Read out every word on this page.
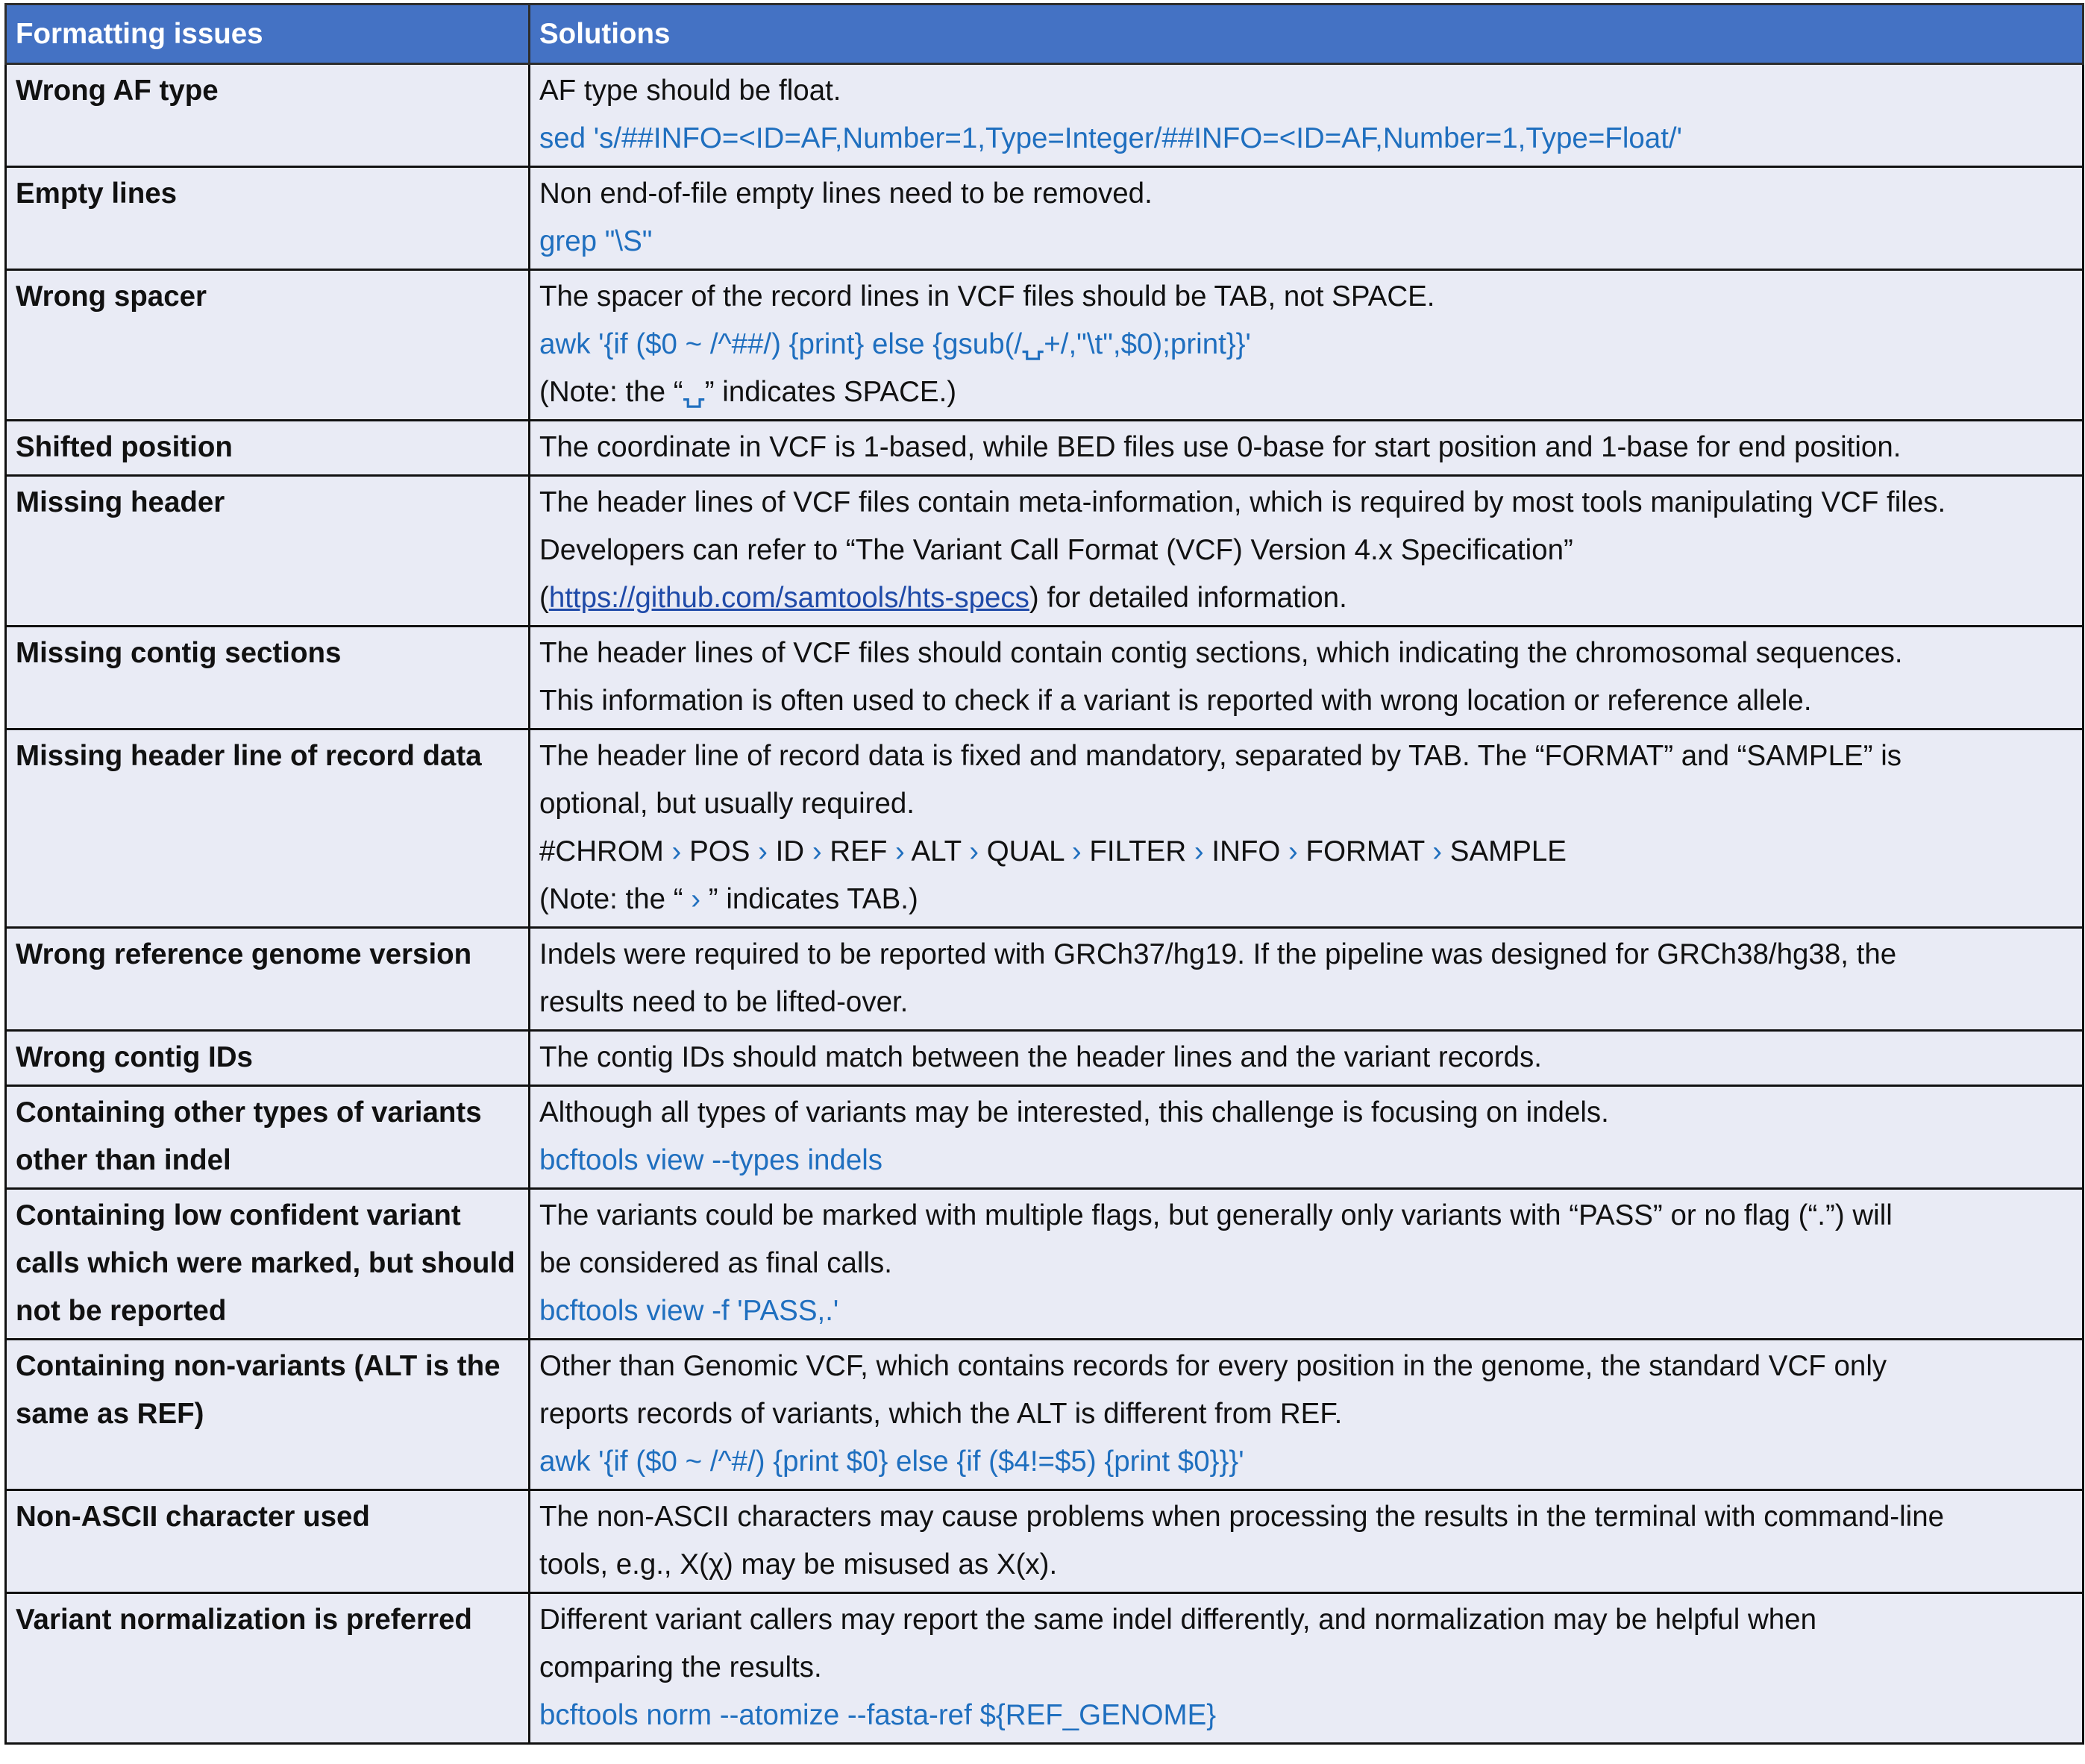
Formatting issues	Solutions
Wrong AF type	AF type should be float.
sed 's/##INFO=<ID=AF,Number=1,Type=Integer/##INFO=<ID=AF,Number=1,Type=Float/'

Empty lines	Non end-of-file empty lines need to be removed.
grep "\S"

Wrong spacer	The spacer of the record lines in VCF files should be TAB, not SPACE.
awk '{if ($0 ~ /^##/) {print} else {gsub(/⍽+/,"\t",$0);print}}'
(Note: the “⍽” indicates SPACE.)

Shifted position	The coordinate in VCF is 1-based, while BED files use 0-base for start position and 1-base for end position.

Missing header	The header lines of VCF files contain meta-information, which is required by most tools manipulating VCF files.
Developers can refer to “The Variant Call Format (VCF) Version 4.x Specification”
(https://github.com/samtools/hts-specs) for detailed information.

Missing contig sections	The header lines of VCF files should contain contig sections, which indicating the chromosomal sequences.
This information is often used to check if a variant is reported with wrong location or reference allele.

Missing header line of record data	The header line of record data is fixed and mandatory, separated by TAB. The “FORMAT” and “SAMPLE” is
optional, but usually required.
#CHROM › POS › ID › REF › ALT › QUAL › FILTER › INFO › FORMAT › SAMPLE
(Note: the “ › ” indicates TAB.)

Wrong reference genome version	Indels were required to be reported with GRCh37/hg19. If the pipeline was designed for GRCh38/hg38, the
results need to be lifted-over.

Wrong contig IDs	The contig IDs should match between the header lines and the variant records.

Containing other types of variants other than indel	Although all types of variants may be interested, this challenge is focusing on indels.
bcftools view --types indels

Containing low confident variant calls which were marked, but should not be reported	The variants could be marked with multiple flags, but generally only variants with “PASS” or no flag (“.”) will
be considered as final calls.
bcftools view -f 'PASS,.'

Containing non-variants (ALT is the same as REF)	Other than Genomic VCF, which contains records for every position in the genome, the standard VCF only
reports records of variants, which the ALT is different from REF.
awk '{if ($0 ~ /^#/) {print $0} else {if ($4!=$5) {print $0}}}'

Non-ASCII character used	The non-ASCII characters may cause problems when processing the results in the terminal with command-line
tools, e.g., X(χ) may be misused as X(x).

Variant normalization is preferred	Different variant callers may report the same indel differently, and normalization may be helpful when
comparing the results.
bcftools norm --atomize --fasta-ref ${REF_GENOME}
